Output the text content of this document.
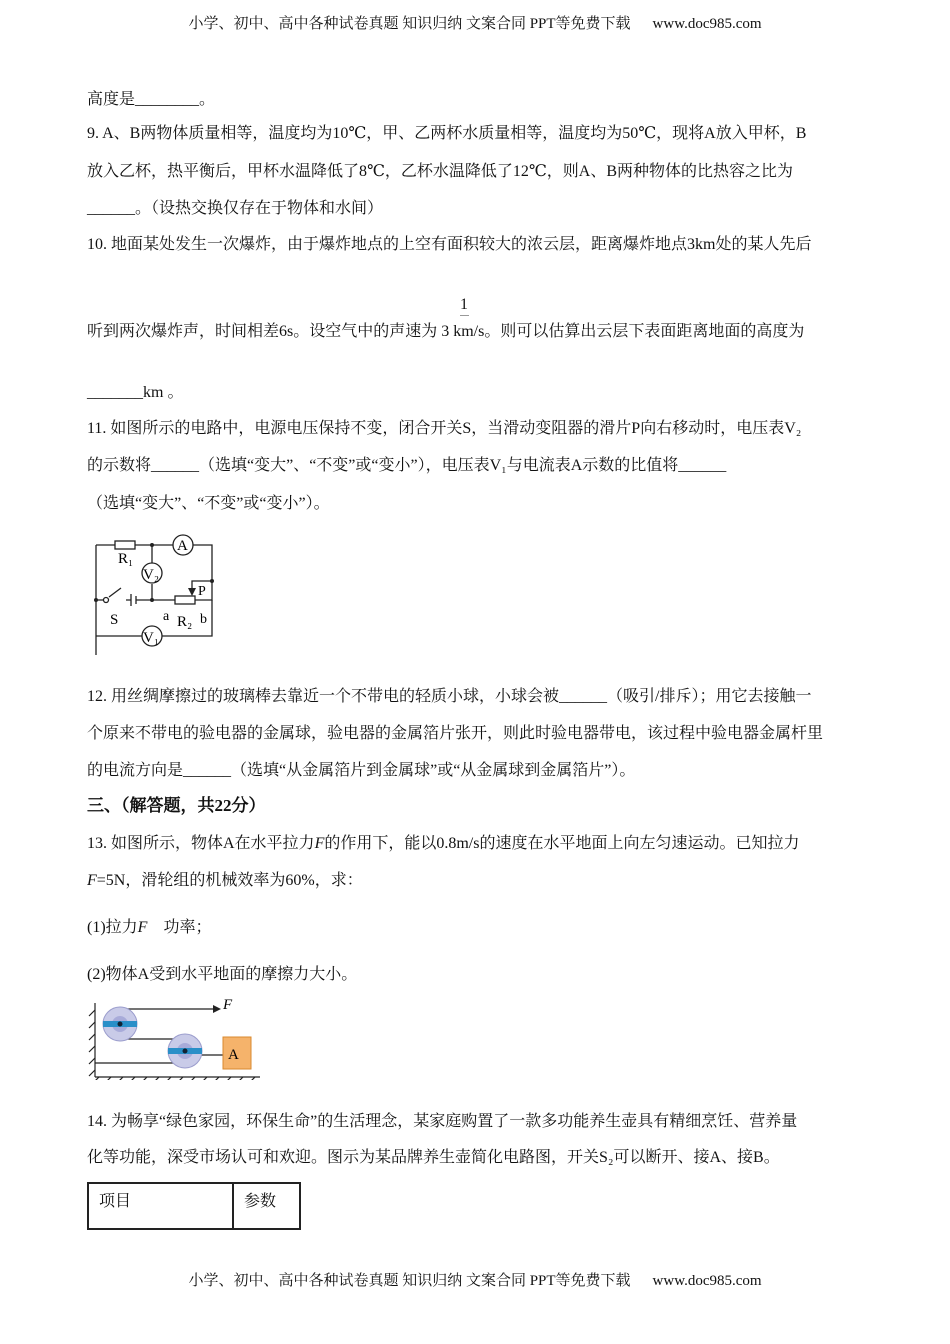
小学、初中、高中各种试卷真题 知识归纳 文案合同 PPT等免费下载 www.doc985.com
高度是________。
9. A、B两物体质量相等，温度均为10℃，甲、乙两杯水质量相等，温度均为50℃，现将A放入甲杯，B
放入乙杯，热平衡后，甲杯水温降低了8℃，乙杯水温降低了12℃，则A、B两种物体的比热容之比为
______。（设热交换仅存在于物体和水间）
10. 地面某处发生一次爆炸，由于爆炸地点的上空有面积较大的浓云层，距离爆炸地点3km处的某人先后
1
听到两次爆炸声，时间相差6s。设空气中的声速为 3 km/s。则可以估算出云层下表面距离地面的高度为
_______km 。
11. 如图所示的电路中，电源电压保持不变，闭合开关S，当滑动变阻器的滑片P向右移动时，电压表V₂
的示数将______（选填“变大”、“不变”或“变小”），电压表V₁与电流表A示数的比值将______
（选填“变大”、“不变”或“变小”）。
R₁
V₂
A
P
S	a R₂ b
V₁
12. 用丝绸摩擦过的玻璃棒去靠近一个不带电的轻质小球，小球会被______（吸引/排斥）；用它去接触一
个原来不带电的验电器的金属球，验电器的金属箔片张开，则此时验电器带电，该过程中验电器金属杆里
的电流方向是______（选填“从金属箔片到金属球”或“从金属球到金属箔片”）。
三、（解答题，共22分）
13. 如图所示，物体A在水平拉力F的作用下，能以0.8m/s的速度在水平地面上向左匀速运动。已知拉力
F=5N，滑轮组的机械效率为60%，求：
(1)拉力F　功率；
(2)物体A受到水平地面的摩擦力大小。
A
F
14. 为畅享“绿色家园，环保生命”的生活理念，某家庭购置了一款多功能养生壶具有精细烹饪、营养量
化等功能，深受市场认可和欢迎。图示为某品牌养生壶简化电路图，开关S₂可以断开、接A、接B。
项目	参数
小学、初中、高中各种试卷真题 知识归纳 文案合同 PPT等免费下载 www.doc985.com
